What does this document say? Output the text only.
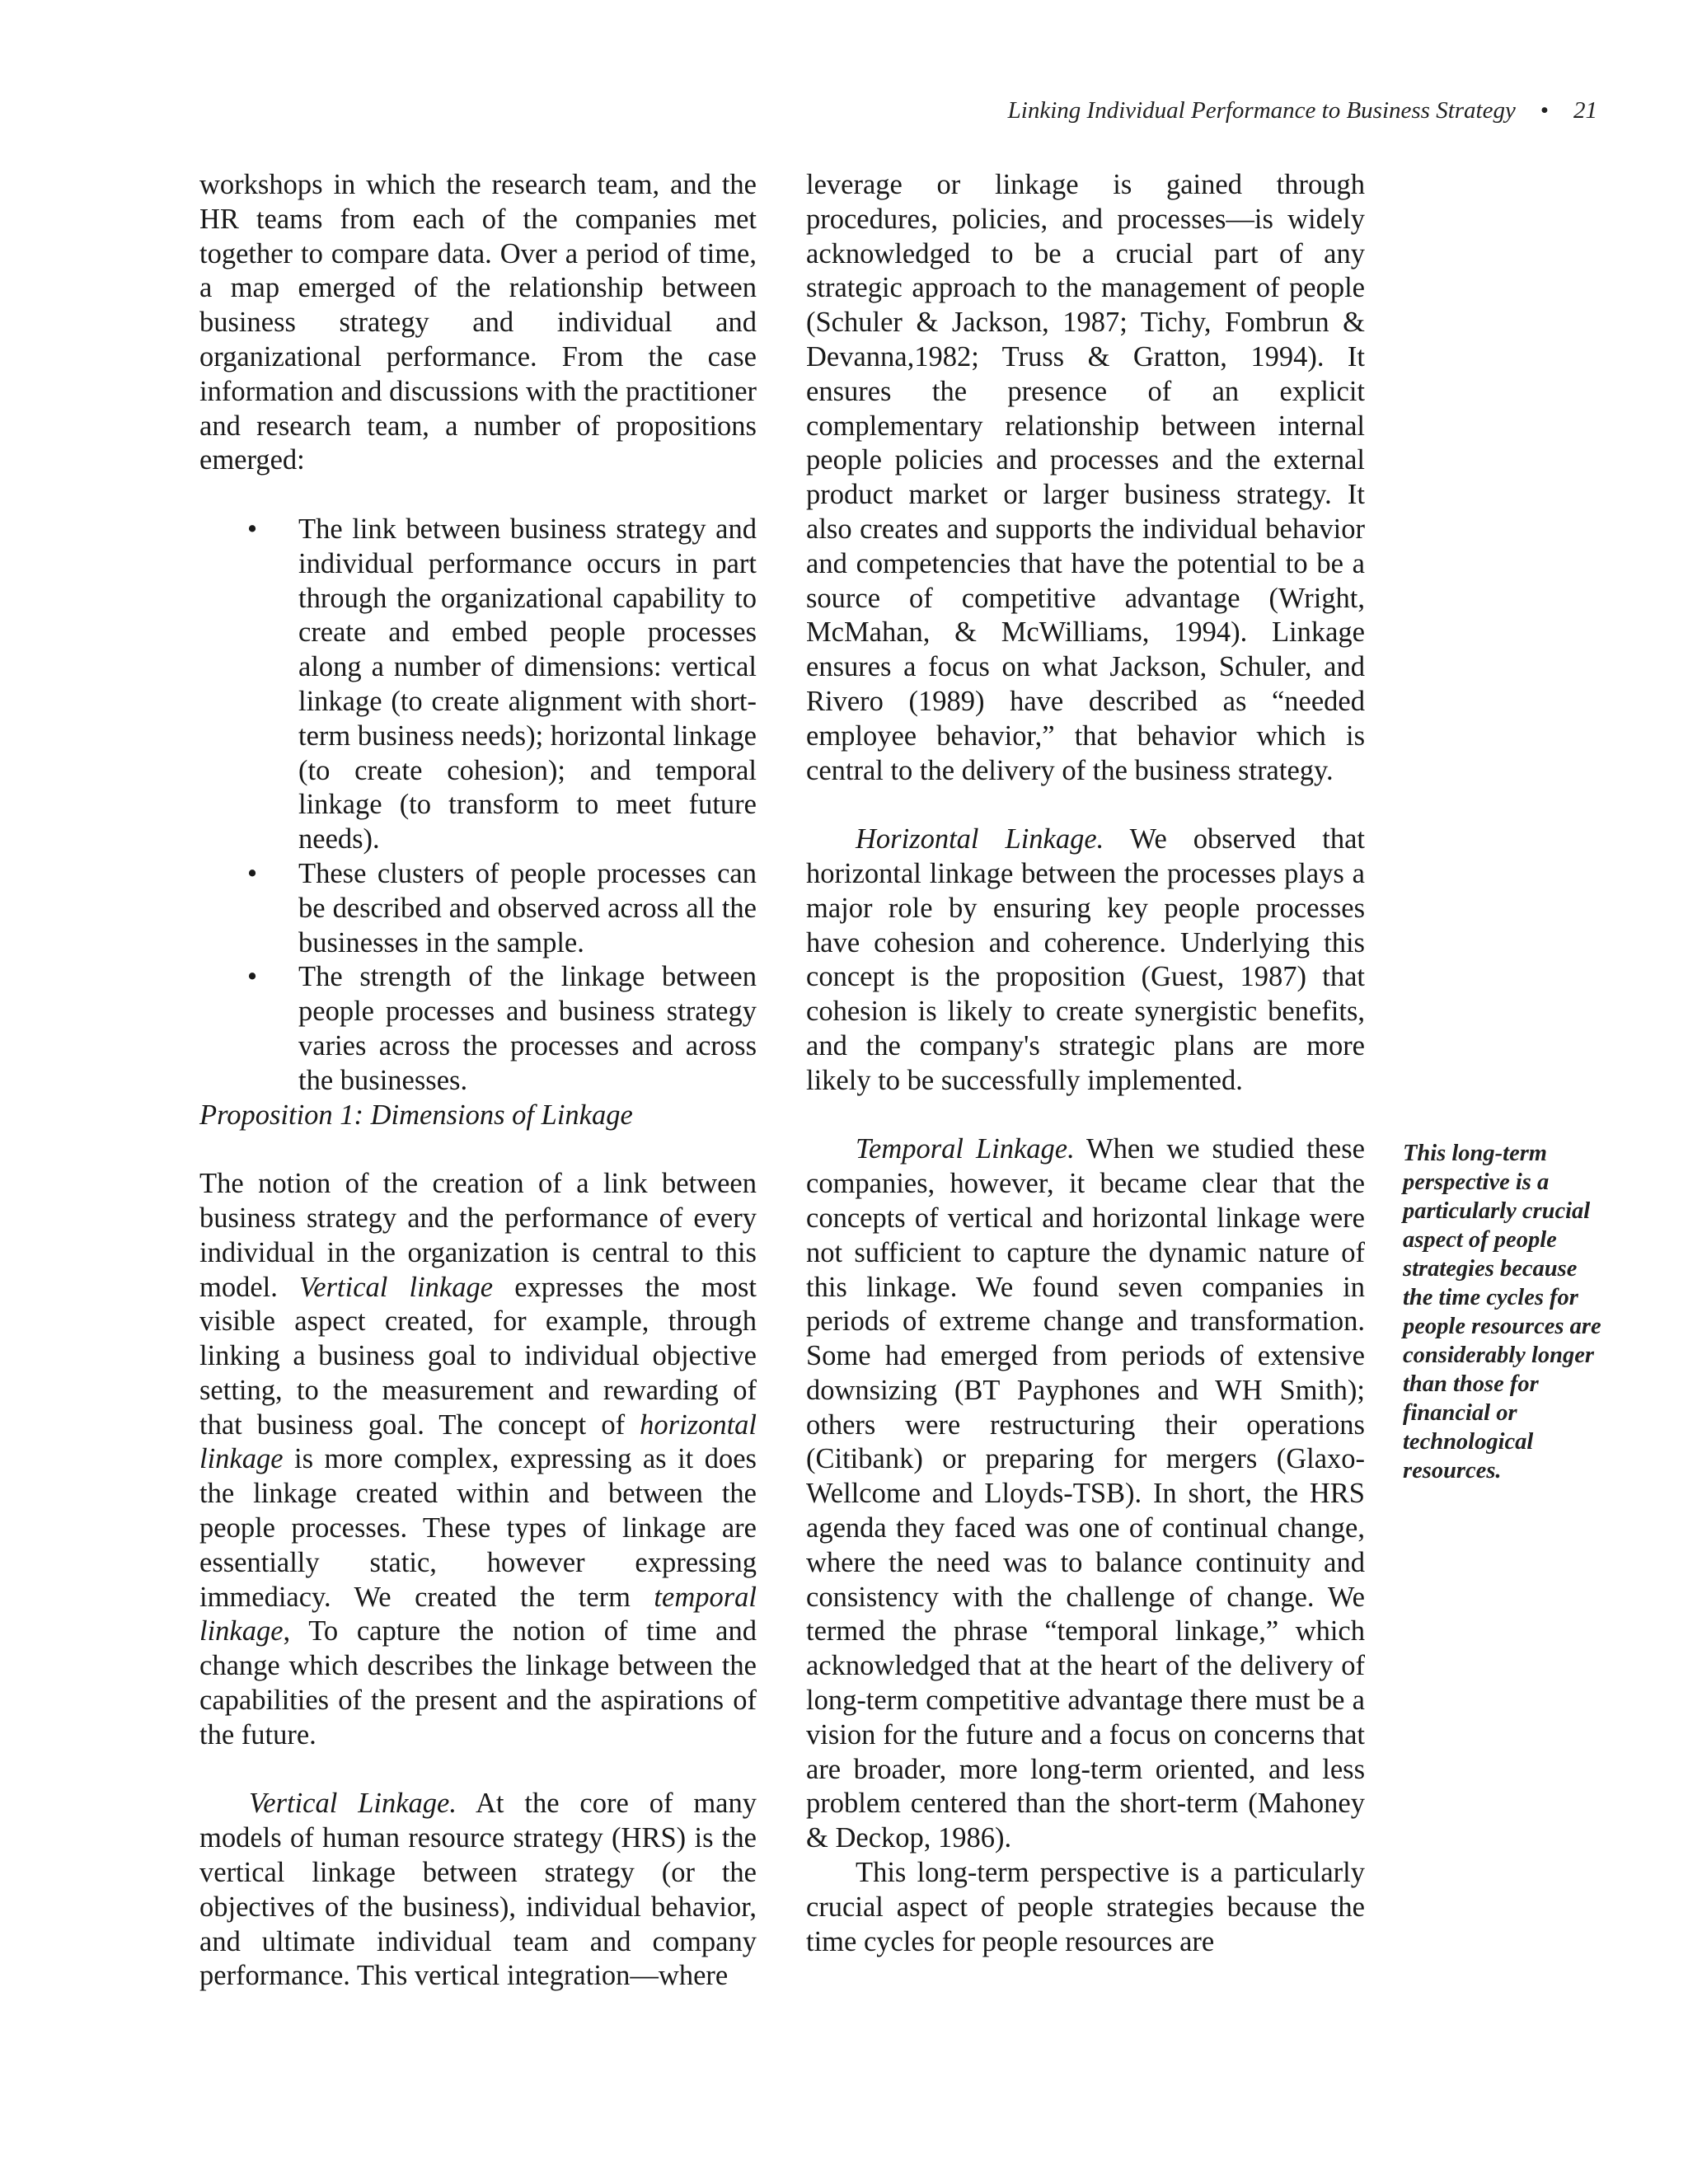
Linking Individual Performance to Business Strategy • 21

workshops in which the research team, and the HR teams from each of the companies met together to compare data. Over a period of time, a map emerged of the relationship between business strategy and individual and organizational performance. From the case information and discussions with the practitioner and research team, a number of propositions emerged:

• The link between business strategy and individual performance occurs in part through the organizational capability to create and embed people processes along a number of dimensions: vertical linkage (to create alignment with short-term business needs); horizontal linkage (to create cohesion); and temporal linkage (to transform to meet future needs).
• These clusters of people processes can be described and observed across all the businesses in the sample.
• The strength of the linkage between people processes and business strategy varies across the processes and across the businesses.

Proposition 1: Dimensions of Linkage

The notion of the creation of a link between business strategy and the performance of every individual in the organization is central to this model. Vertical linkage expresses the most visible aspect created, for example, through linking a business goal to individual objective setting, to the measurement and rewarding of that business goal. The concept of horizontal linkage is more complex, expressing as it does the linkage created within and between the people processes. These types of linkage are essentially static, however expressing immediacy. We created the term temporal linkage, To capture the notion of time and change which describes the linkage between the capabilities of the present and the aspirations of the future.

Vertical Linkage. At the core of many models of human resource strategy (HRS) is the vertical linkage between strategy (or the objectives of the business), individual behavior, and ultimate individual team and company performance. This vertical integration—where

leverage or linkage is gained through procedures, policies, and processes—is widely acknowledged to be a crucial part of any strategic approach to the management of people (Schuler & Jackson, 1987; Tichy, Fombrun & Devanna,1982; Truss & Gratton, 1994). It ensures the presence of an explicit complementary relationship between internal people policies and processes and the external product market or larger business strategy. It also creates and supports the individual behavior and competencies that have the potential to be a source of competitive advantage (Wright, McMahan, & McWilliams, 1994). Linkage ensures a focus on what Jackson, Schuler, and Rivero (1989) have described as “needed employee behavior,” that behavior which is central to the delivery of the business strategy.

Horizontal Linkage. We observed that horizontal linkage between the processes plays a major role by ensuring key people processes have cohesion and coherence. Underlying this concept is the proposition (Guest, 1987) that cohesion is likely to create synergistic benefits, and the company's strategic plans are more likely to be successfully implemented.

Temporal Linkage. When we studied these companies, however, it became clear that the concepts of vertical and horizontal linkage were not sufficient to capture the dynamic nature of this linkage. We found seven companies in periods of extreme change and transformation. Some had emerged from periods of extensive downsizing (BT Payphones and WH Smith); others were restructuring their operations (Citibank) or preparing for mergers (Glaxo-Wellcome and Lloyds-TSB). In short, the HRS agenda they faced was one of continual change, where the need was to balance continuity and consistency with the challenge of change. We termed the phrase “temporal linkage,” which acknowledged that at the heart of the delivery of long-term competitive advantage there must be a vision for the future and a focus on concerns that are broader, more long-term oriented, and less problem centered than the short-term (Mahoney & Deckop, 1986).

This long-term perspective is a particularly crucial aspect of people strategies because the time cycles for people resources are

This long-term perspective is a particularly crucial aspect of people strategies because the time cycles for people resources are considerably longer than those for financial or technological resources.
